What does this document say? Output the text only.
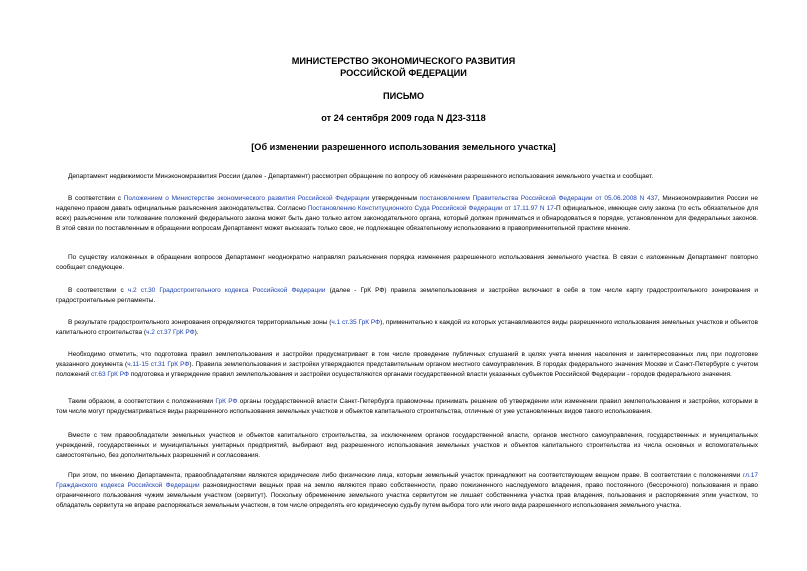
МИНИСТЕРСТВО ЭКОНОМИЧЕСКОГО РАЗВИТИЯ
РОССИЙСКОЙ ФЕДЕРАЦИИ
ПИСЬМО
от 24 сентября 2009 года N Д23-3118
[Об изменении разрешенного использования земельного участка]

Департамент недвижимости Минэкономразвития России (далее - Департамент) рассмотрел обращение по вопросу об изменении разрешенного использования земельного участка и сообщает.

В соответствии с Положением о Министерстве экономического развития Российской Федерации утвержденным постановлением Правительства Российской Федерации от 05.06.2008 N 437, Минэкономразвития России не наделено правом давать официальные разъяснения законодательства. Согласно Постановлению Конституционного Суда Российской Федерации от 17.11.97 N 17-П официальное, имеющее силу закона (то есть обязательное для всех) разъяснение или толкование положений федерального закона может быть дано только актом законодательного органа, который должен приниматься и обнародоваться в порядке, установленном для федеральных законов. В этой связи по поставленным в обращении вопросам Департамент может высказать только свое, не подлежащее обязательному использованию в правоприменительной практике мнение.

По существу изложенных в обращении вопросов Департамент неоднократно направлял разъяснения порядка изменения разрешенного использования земельного участка. В связи с изложенным Департамент повторно сообщает следующее.

В соответствии с ч.2 ст.30 Градостроительного кодекса Российской Федерации (далее - ГрК РФ) правила землепользования и застройки включают в себя в том числе карту градостроительного зонирования и градостроительные регламенты.

В результате градостроительного зонирования определяются территориальные зоны (ч.1 ст.35 ГрК РФ), применительно к каждой из которых устанавливаются виды разрешенного использования земельных участков и объектов капитального строительства (ч.2 ст.37 ГрК РФ).

Необходимо отметить, что подготовка правил землепользования и застройки предусматривает в том числе проведение публичных слушаний в целях учета мнения населения и заинтересованных лиц при подготовке указанного документа (ч.11-15 ст.31 ГрК РФ). Правила землепользования и застройки утверждаются представительным органом местного самоуправления. В городах федерального значения Москве и Санкт-Петербурге с учетом положений ст.63 ГрК РФ подготовка и утверждение правил землепользования и застройки осуществляются органами государственной власти указанных субъектов Российской Федерации - городов федерального значения.

Таким образом, в соответствии с положениями ГрК РФ органы государственной власти Санкт-Петербурга правомочны принимать решение об утверждении или изменении правил землепользования и застройки, которыми в том числе могут предусматриваться виды разрешенного использования земельных участков и объектов капитального строительства, отличные от уже установленных видов такого использования.

Вместе с тем правообладатели земельных участков и объектов капитального строительства, за исключением органов государственной власти, органов местного самоуправления, государственных и муниципальных учреждений, государственных и муниципальных унитарных предприятий, выбирают вид разрешенного использования земельных участков и объектов капитального строительства из числа основных и вспомогательных самостоятельно, без дополнительных разрешений и согласования.

При этом, по мнению Департамента, правообладателями являются юридические либо физические лица, которым земельный участок принадлежит на соответствующем вещном праве. В соответствии с положениями гл.17 Гражданского кодекса Российской Федерации разновидностями вещных прав на землю являются право собственности, право пожизненного наследуемого владения, право постоянного (бессрочного) пользования и право ограниченного пользования чужим земельным участком (сервитут). Поскольку обременение земельного участка сервитутом не лишает собственника участка прав владения, пользования и распоряжения этим участком, то обладатель сервитута не вправе распоряжаться земельным участком, в том числе определять его юридическую судьбу путем выбора того или иного вида разрешенного использования земельного участка.
